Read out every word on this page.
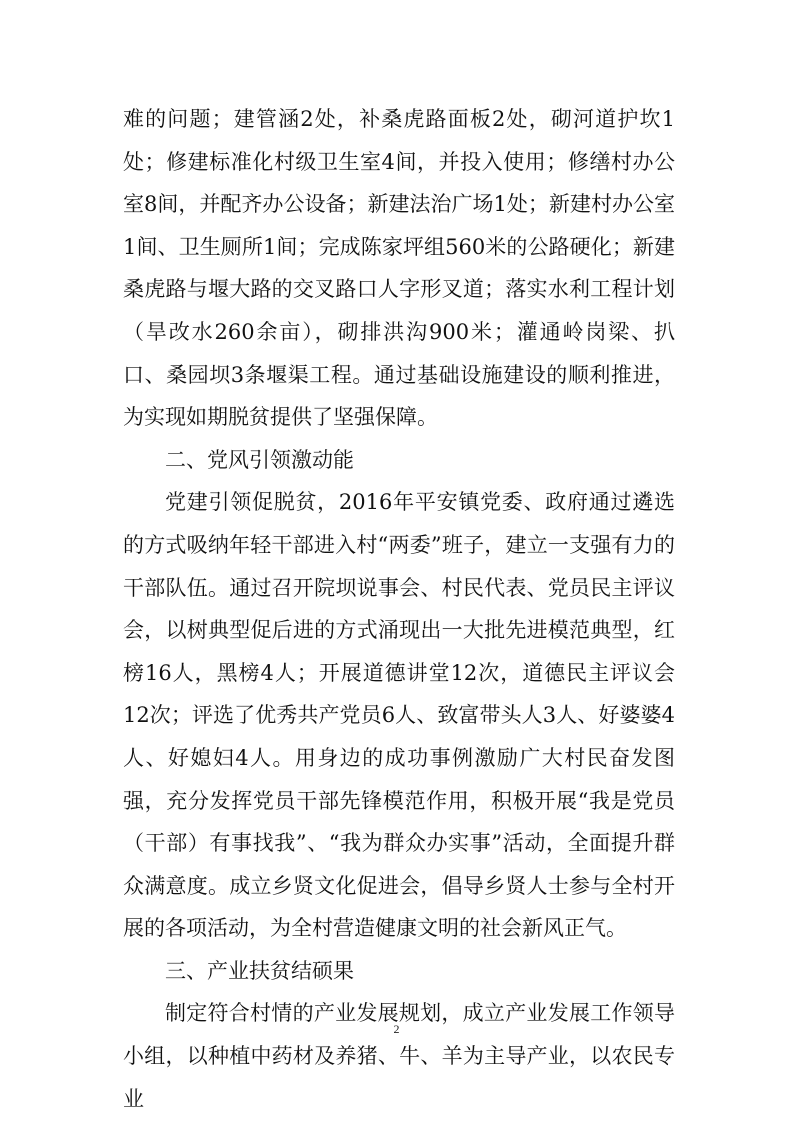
难的问题；建管涵2处，补桑虎路面板2处，砌河道护坎1处；修建标准化村级卫生室4间，并投入使用；修缮村办公室8间，并配齐办公设备；新建法治广场1处；新建村办公室1间、卫生厕所1间；完成陈家坪组560米的公路硬化；新建桑虎路与堰大路的交叉路口人字形叉道；落实水利工程计划（旱改水260余亩），砌排洪沟900米；灌通岭岗梁、扒口、桑园坝3条堰渠工程。通过基础设施建设的顺利推进，为实现如期脱贫提供了坚强保障。

二、党风引领激动能

党建引领促脱贫，2016年平安镇党委、政府通过遴选的方式吸纳年轻干部进入村“两委”班子，建立一支强有力的干部队伍。通过召开院坝说事会、村民代表、党员民主评议会，以树典型促后进的方式涌现出一大批先进模范典型，红榜16人，黑榜4人；开展道德讲堂12次，道德民主评议会12次；评选了优秀共产党员6人、致富带头人3人、好婆婆4人、好媳妇4人。用身边的成功事例激励广大村民奋发图强，充分发挥党员干部先锋模范作用，积极开展“我是党员（干部）有事找我”、“我为群众办实事”活动，全面提升群众满意度。成立乡贤文化促进会，倡导乡贤人士参与全村开展的各项活动，为全村营造健康文明的社会新风正气。

三、产业扶贫结硕果

制定符合村情的产业发展规划，成立产业发展工作领导小组，以种植中药材及养猪、牛、羊为主导产业，以农民专业

2
